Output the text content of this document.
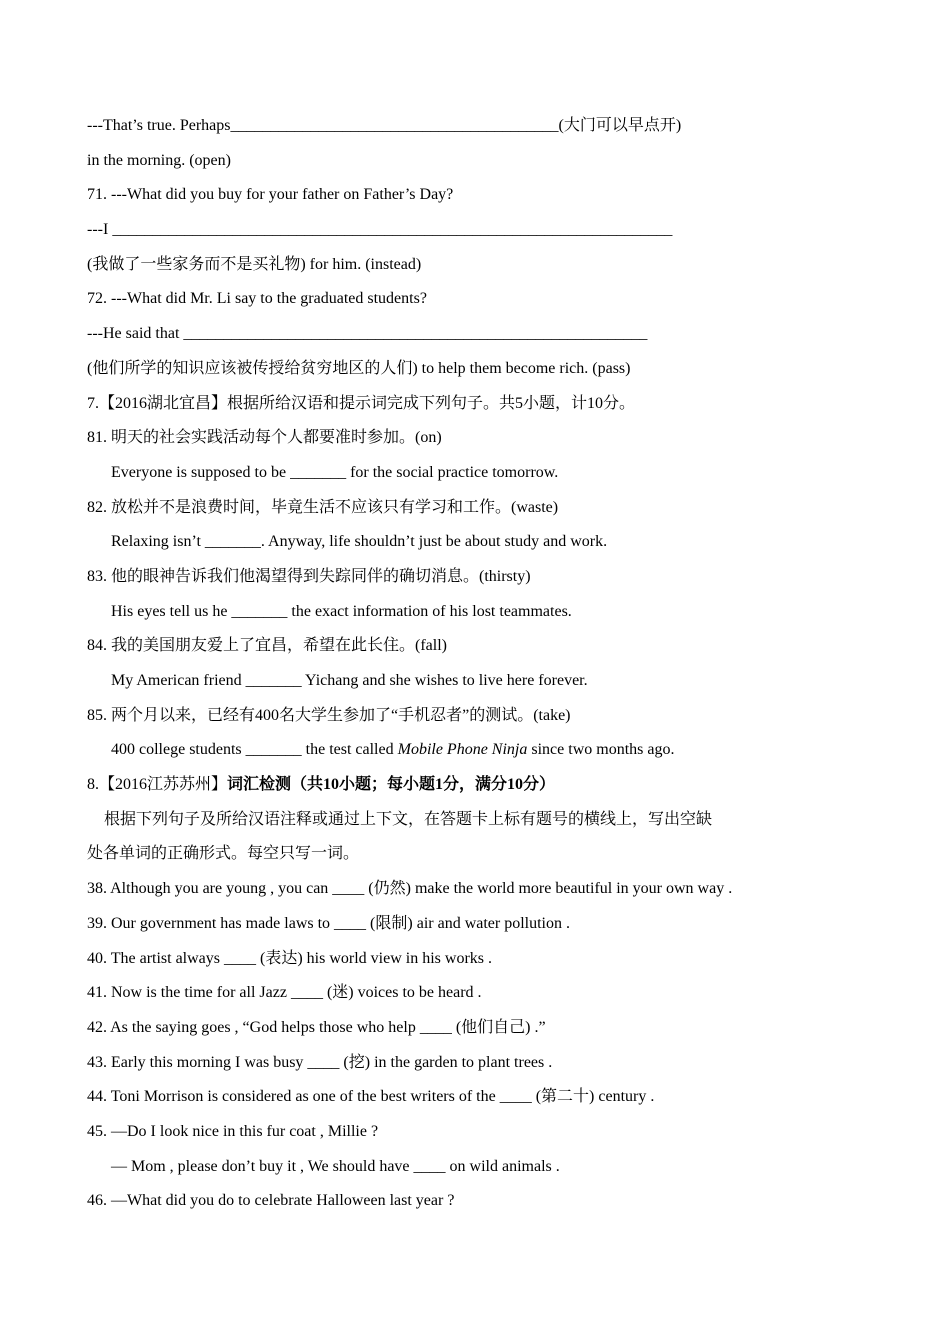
---That’s true. Perhaps_________________________________________(大门可以早点开)
in the morning. (open)
71. ---What did you buy for your father on Father’s Day?
---I ______________________________________________________________________
(我做了一些家务而不是买礼物) for him. (instead)
72. ---What did Mr. Li say to the graduated students?
---He said that __________________________________________________________
(他们所学的知识应该被传授给贫穷地区的人们) to help them become rich. (pass)
7.【2016湖北宜昌】根据所给汉语和提示词完成下列句子。共5小题，计10分。
81. 明天的社会实践活动每个人都要准时参加。(on)
Everyone is supposed to be _______ for the social practice tomorrow.
82. 放松并不是浪费时间，毕竟生活不应该只有学习和工作。(waste)
Relaxing isn’t _______. Anyway, life shouldn’t just be about study and work.
83. 他的眼神告诉我们他渴望得到失踪同伴的确切消息。(thirsty)
His eyes tell us he _______ the exact information of his lost teammates.
84. 我的美国朋友爱上了宜昌，希望在此长住。(fall)
My American friend _______ Yichang and she wishes to live here forever.
85. 两个月以来，已经有400名大学生参加了“手机忍者”的测试。(take)
400 college students _______ the test called Mobile Phone Ninja since two months ago.
8.【2016江苏苏州】词汇检测（共10小题；每小题1分，满分10分）
根据下列句子及所给汉语注释或通过上下文，在答题卡上标有题号的横线上，写出空缺
处各单词的正确形式。每空只写一词。
38. Although you are young , you can ____ (仍然) make the world more beautiful in your own way .
39. Our government has made laws to ____ (限制) air and water pollution .
40. The artist always ____ (表达) his world view in his works .
41. Now is the time for all Jazz ____ (迷) voices to be heard .
42. As the saying goes , “God helps those who help ____ (他们自己) .”
43. Early this morning I was busy ____ (挖) in the garden to plant trees .
44. Toni Morrison is considered as one of the best writers of the ____ (第二十) century .
45. —Do I look nice in this fur coat , Millie ?
— Mom , please don’t buy it , We should have ____ on wild animals .
46. —What did you do to celebrate Halloween last year ?
